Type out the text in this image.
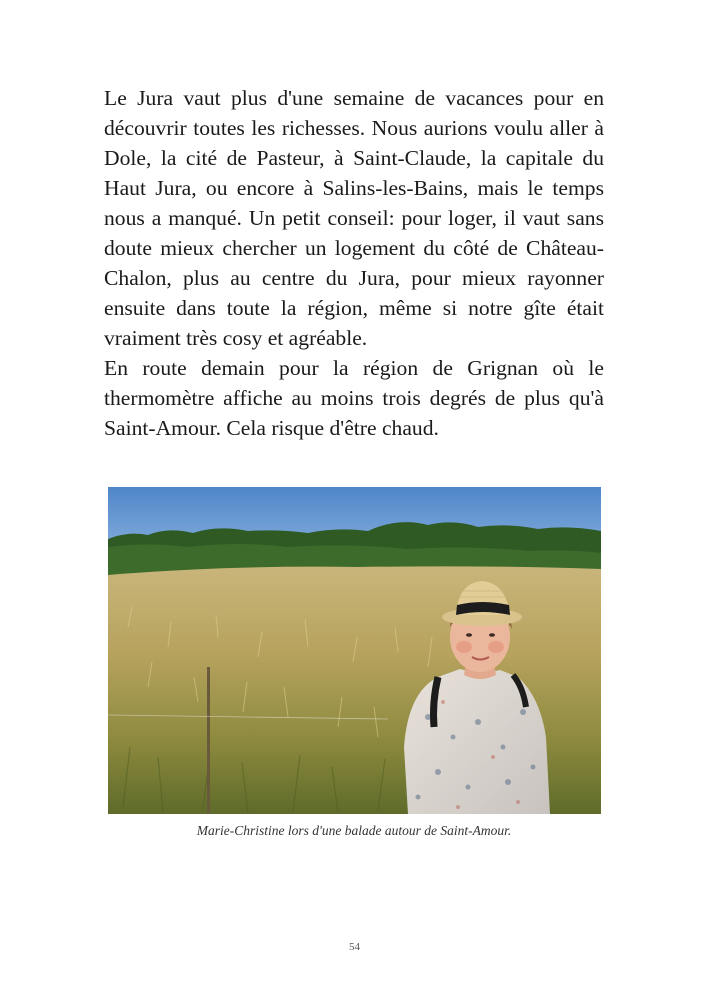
Le Jura vaut plus d'une semaine de vacances pour en découvrir toutes les richesses. Nous aurions voulu aller à Dole, la cité de Pasteur, à Saint-Claude, la capitale du Haut Jura, ou encore à Salins-les-Bains, mais le temps nous a manqué. Un petit conseil: pour loger, il vaut sans doute mieux chercher un logement du côté de Château-Chalon, plus au centre du Jura, pour mieux rayonner ensuite dans toute la région, même si notre gîte était vraiment très cosy et agréable.

En route demain pour la région de Grignan où le thermomètre affiche au moins trois degrés de plus qu'à Saint-Amour. Cela risque d'être chaud.

Marie-Christine lors d'une balade autour de Saint-Amour.
54
